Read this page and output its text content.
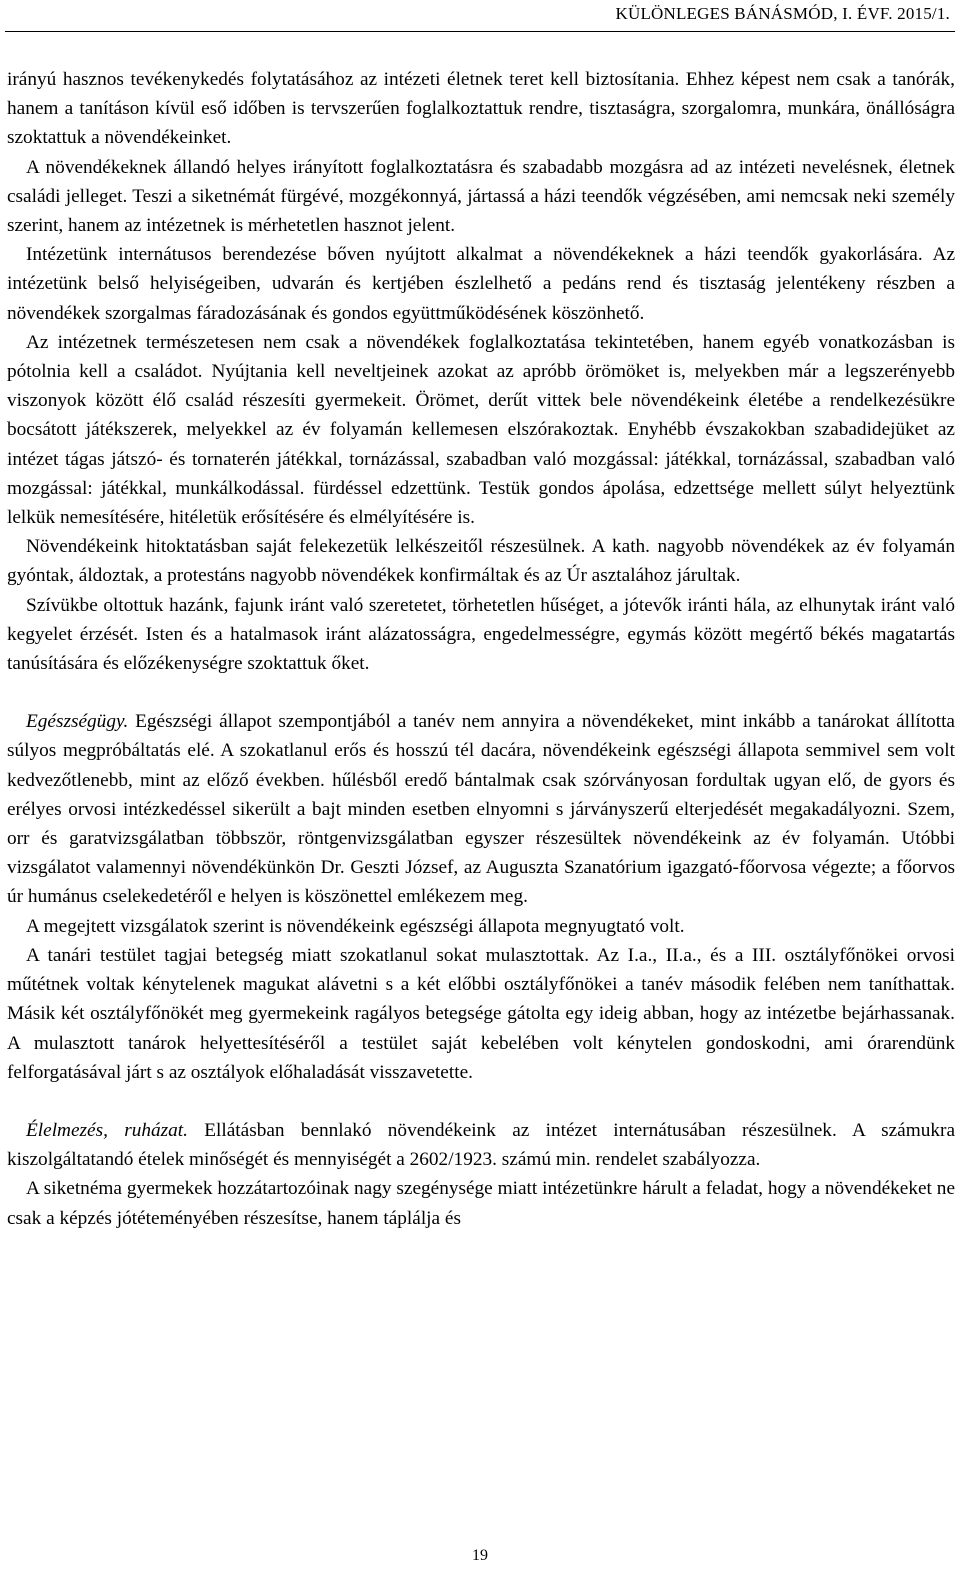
KÜLÖNLEGES BÁNÁSMÓD, I. ÉVF. 2015/1.

irányú hasznos tevékenykedés folytatásához az intézeti életnek teret kell biztosítania. Ehhez képest nem csak a tanórák, hanem a tanításon kívül eső időben is tervszerűen foglalkoztattuk rendre, tisztaságra, szorgalomra, munkára, önállóságra szoktattuk a növendékeinket.

A növendékeknek állandó helyes irányított foglalkoztatásra és szabadabb mozgásra ad az intézeti nevelésnek, életnek családi jelleget. Teszi a siketnémát fürgévé, mozgékonnyá, jártassá a házi teendők végzésében, ami nemcsak neki személy szerint, hanem az intézetnek is mérhetetlen hasznot jelent.

Intézetünk internátusos berendezése bőven nyújtott alkalmat a növendékeknek a házi teendők gyakorlására. Az intézetünk belső helyiségeiben, udvarán és kertjében észlelhető a pedáns rend és tisztaság jelentékeny részben a növendékek szorgalmas fáradozásának és gondos együttműködésének köszönhető.

Az intézetnek természetesen nem csak a növendékek foglalkoztatása tekintetében, hanem egyéb vonatkozásban is pótolnia kell a családot. Nyújtania kell neveltjeinek azokat az apróbb örömöket is, melyekben már a legszerényebb viszonyok között élő család részesíti gyermekeit. Örömet, derűt vittek bele növendékeink életébe a rendelkezésükre bocsátott játékszerek, melyekkel az év folyamán kellemesen elszórakoztak. Enyhébb évszakokban szabadidejüket az intézet tágas játszó- és tornaterén játékkal, tornázással, szabadban való mozgással: játékkal, tornázással, szabadban való mozgással: játékkal, munkálkodással. fürdéssel edzettünk. Testük gondos ápolása, edzettsége mellett súlyt helyeztünk lelkük nemesítésére, hitéletük erősítésére és elmélyítésére is.

Növendékeink hitoktatásban saját felekezetük lelkészeitől részesülnek. A kath. nagyobb növendékek az év folyamán gyóntak, áldoztak, a protestáns nagyobb növendékek konfirmáltak és az Úr asztalához járultak.

Szívükbe oltottuk hazánk, fajunk iránt való szeretetet, törhetetlen hűséget, a jótevők iránti hála, az elhunytak iránt való kegyelet érzését. Isten és a hatalmasok iránt alázatosságra, engedelmességre, egymás között megértő békés magatartás tanúsítására és előzékenységre szoktattuk őket.

Egészségügy. Egészségi állapot szempontjából a tanév nem annyira a növendékeket, mint inkább a tanárokat állította súlyos megpróbáltatás elé. A szokatlanul erős és hosszú tél dacára, növendékeink egészségi állapota semmivel sem volt kedvezőtlenebb, mint az előző években. hűlésből eredő bántalmak csak szórványosan fordultak ugyan elő, de gyors és erélyes orvosi intézkedéssel sikerült a bajt minden esetben elnyomni s járványszerű elterjedését megakadályozni. Szem, orr és garatvizsgálatban többször, röntgenvizsgálatban egyszer részesültek növendékeink az év folyamán. Utóbbi vizsgálatot valamennyi növendékünkön Dr. Geszti József, az Auguszta Szanatórium igazgató-főorvosa végezte; a főorvos úr humánus cselekedetéről e helyen is köszönettel emlékezem meg.

A megejtett vizsgálatok szerint is növendékeink egészségi állapota megnyugtató volt.

A tanári testület tagjai betegség miatt szokatlanul sokat mulasztottak. Az I.a., II.a., és a III. osztályfőnökei orvosi műtétnek voltak kénytelenek magukat alávetni s a két előbbi osztályfőnökei a tanév második felében nem taníthattak. Másik két osztályfőnökét meg gyermekeink ragályos betegsége gátolta egy ideig abban, hogy az intézetbe bejárhassanak. A mulasztott tanárok helyettesítéséről a testület saját kebelében volt kénytelen gondoskodni, ami órarendünk felforgatásával járt s az osztályok előhaladását visszavetette.

Élelmezés, ruházat. Ellátásban bennlakó növendékeink az intézet internátusában részesülnek. A számukra kiszolgáltatandó ételek minőségét és mennyiségét a 2602/1923. számú min. rendelet szabályozza.

A siketnéma gyermekek hozzátartozóinak nagy szegénysége miatt intézetünkre hárult a feladat, hogy a növendékeket ne csak a képzés jótéteményében részesítse, hanem táplálja és

19
